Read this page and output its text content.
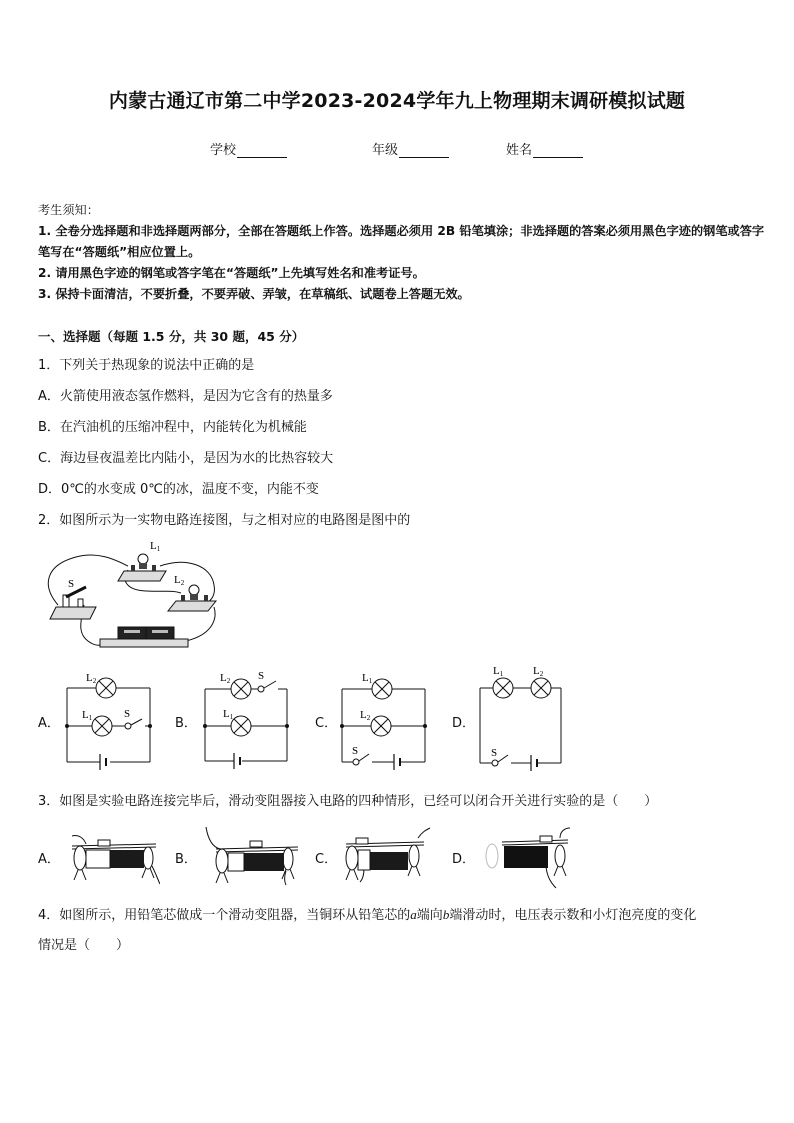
内蒙古通辽市第二中学2023-2024学年九上物理期末调研模拟试题
学校	年级	姓名
考生须知：
1. 全卷分选择题和非选择题两部分，全部在答题纸上作答。选择题必须用 2B 铅笔填涂；非选择题的答案必须用黑色字迹的钢笔或答字笔写在“答题纸”相应位置上。
2. 请用黑色字迹的钢笔或答字笔在“答题纸”上先填写姓名和准考证号。
3. 保持卡面清洁，不要折叠，不要弄破、弄皱，在草稿纸、试题卷上答题无效。
一、选择题（每题 1.5 分，共 30 题，45 分）
1．下列关于热现象的说法中正确的是
A．火箭使用液态氢作燃料，是因为它含有的热量多
B．在汽油机的压缩冲程中，内能转化为机械能
C．海边昼夜温差比内陆小，是因为水的比热容较大
D．0℃的水变成 0℃的冰，温度不变，内能不变
2．如图所示为一实物电路连接图，与之相对应的电路图是图中的
L1
L2
S
A．
L2
L1	S
B．
L2
L1
S
C．
L1
L2
S
D．
L1	L2
S
3．如图是实验电路连接完毕后，滑动变阻器接入电路的四种情形，已经可以闭合开关进行实验的是（　　）
A．	B．	C．	D．
4．如图所示，用铅笔芯做成一个滑动变阻器，当铜环从铅笔芯的a端向b端滑动时，电压表示数和小灯泡亮度的变化
情况是（　　）
